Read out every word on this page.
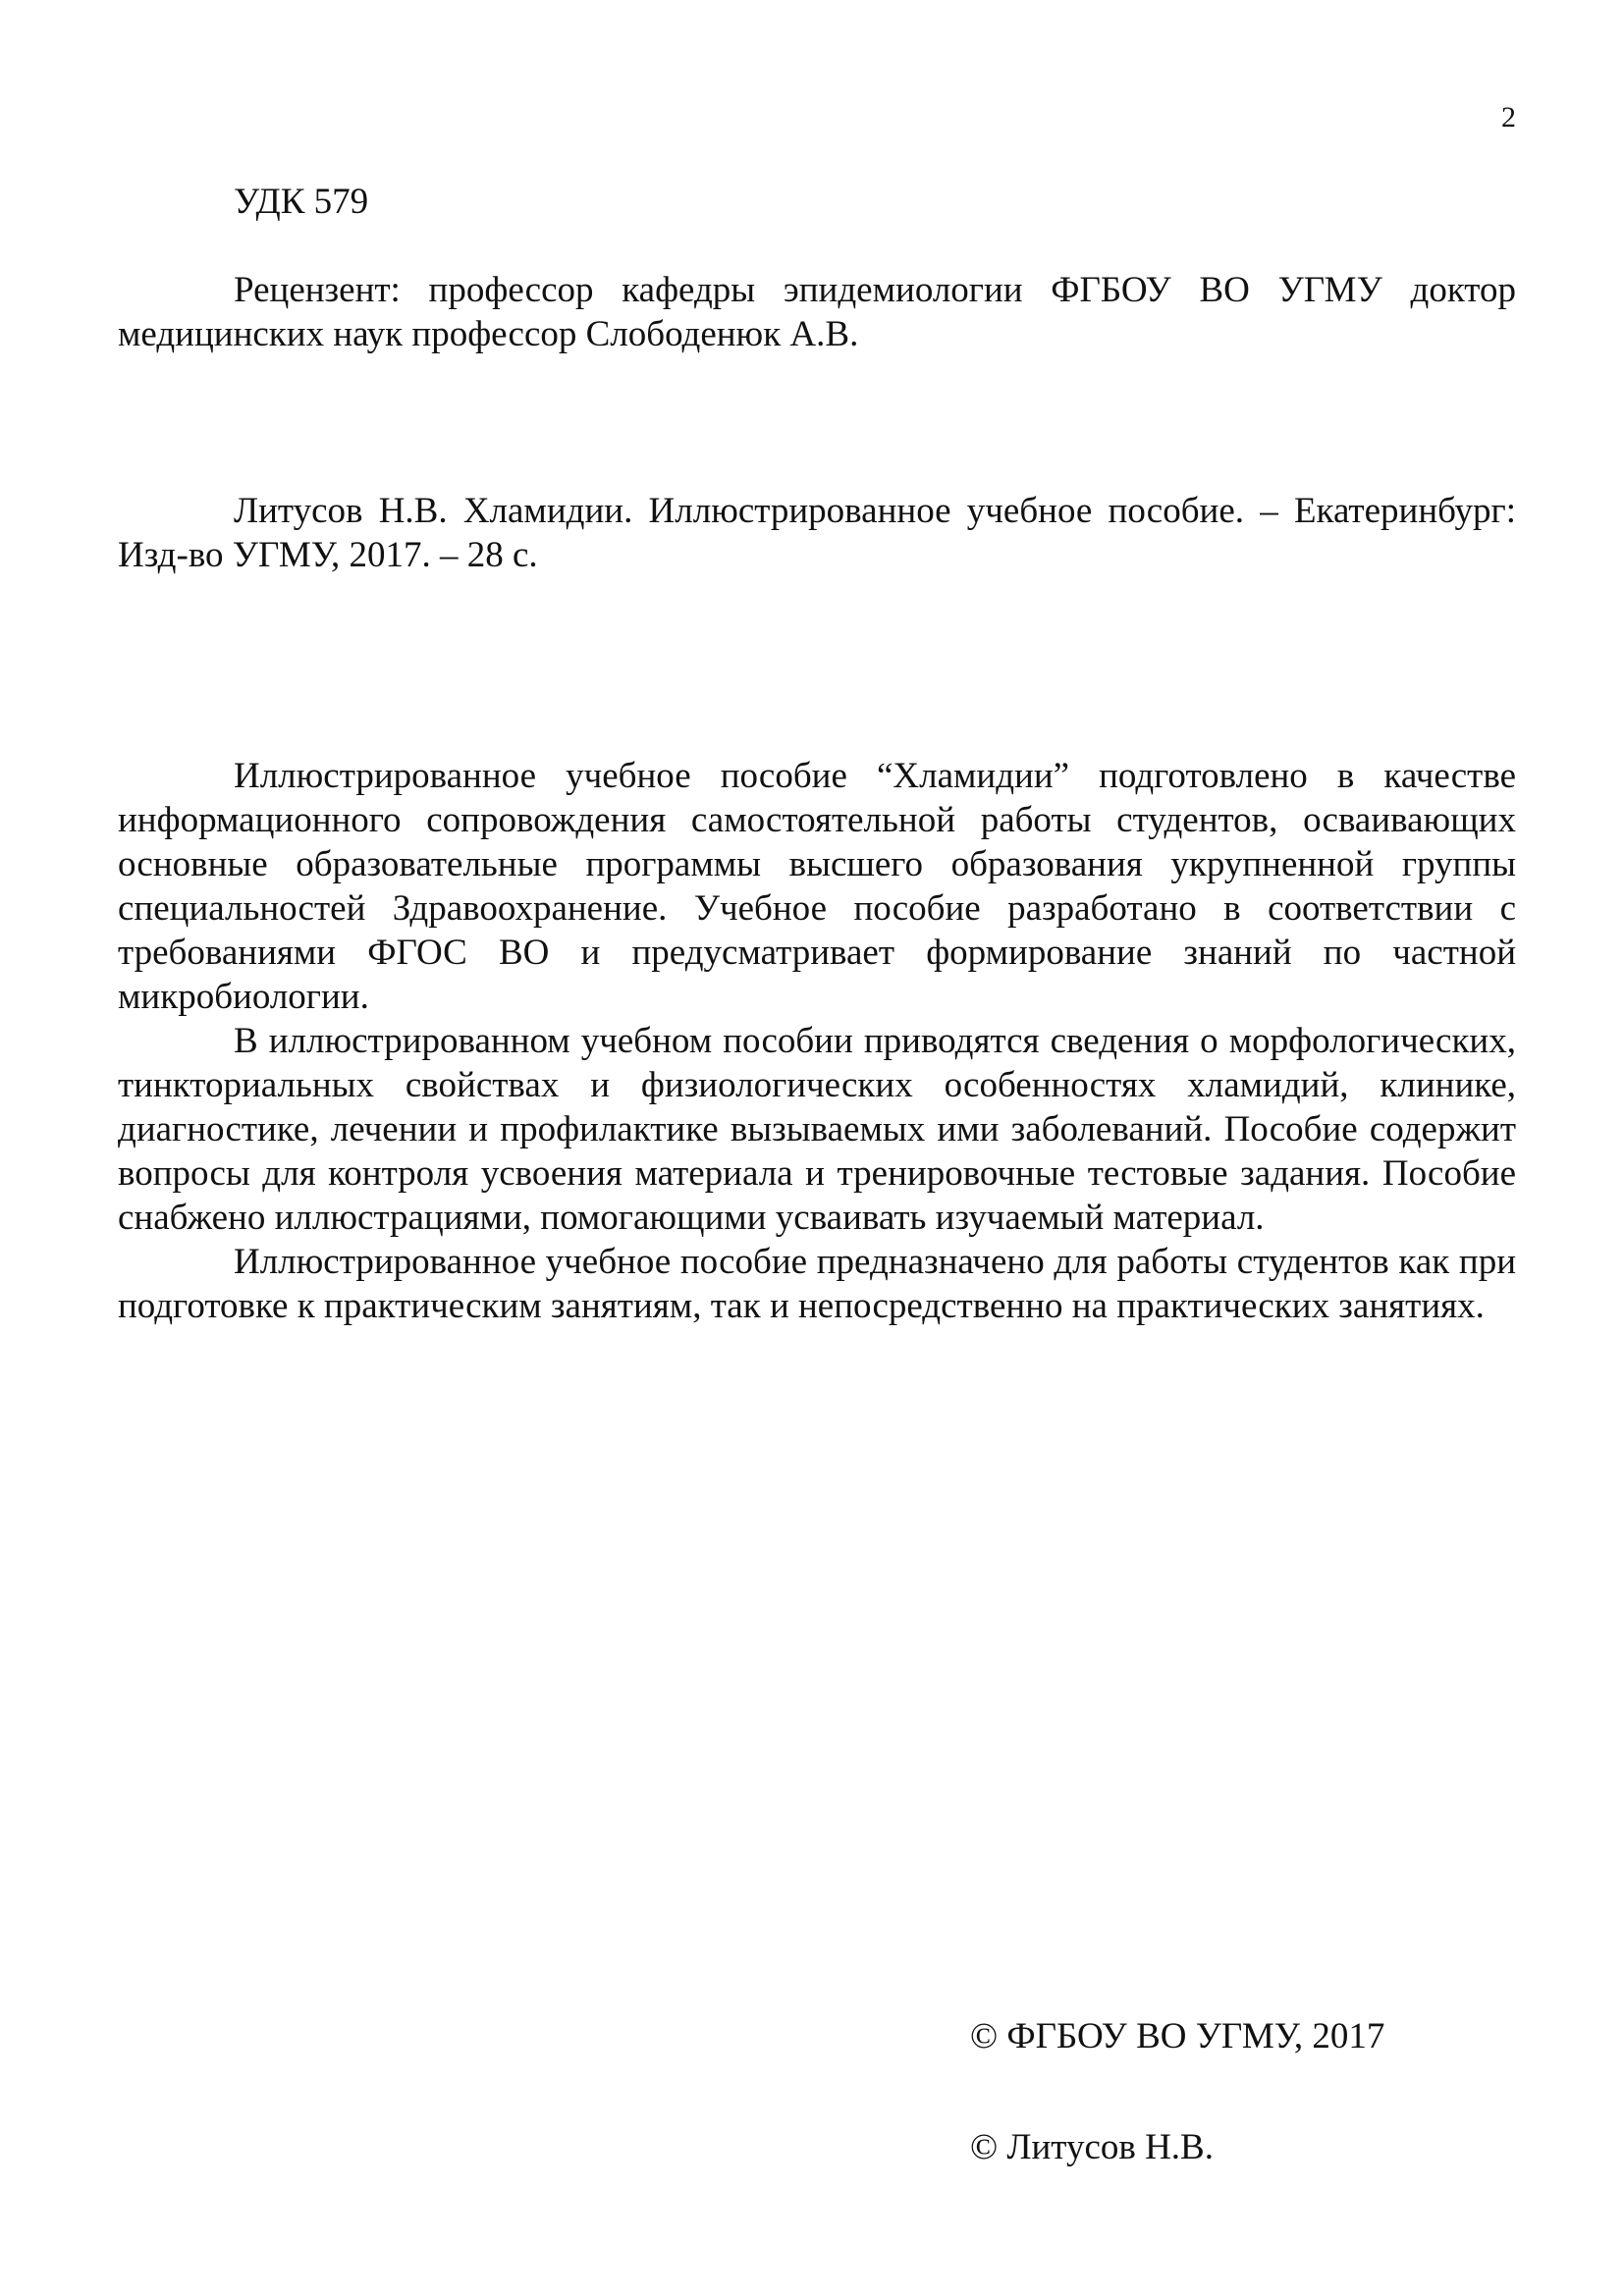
2
УДК 579

Рецензент: профессор кафедры эпидемиологии ФГБОУ ВО УГМУ доктор медицинских наук профессор Слободенюк А.В.

Литусов Н.В. Хламидии. Иллюстрированное учебное пособие. – Екатеринбург: Изд-во УГМУ, 2017. – 28 с.

Иллюстрированное учебное пособие “Хламидии” подготовлено в качестве информационного сопровождения самостоятельной работы студентов, осваивающих основные образовательные программы высшего образования укрупненной группы специальностей Здравоохранение. Учебное пособие разработано в соответствии с требованиями ФГОС ВО и предусматривает формирование знаний по частной микробиологии.

В иллюстрированном учебном пособии приводятся сведения о морфологических, тинкториальных свойствах и физиологических особенностях хламидий, клинике, диагностике, лечении и профилактике вызываемых ими заболеваний. Пособие содержит вопросы для контроля усвоения материала и тренировочные тестовые задания. Пособие снабжено иллюстрациями, помогающими усваивать изучаемый материал.

Иллюстрированное учебное пособие предназначено для работы студентов как при подготовке к практическим занятиям, так и непосредственно на практических занятиях.

© ФГБОУ ВО УГМУ, 2017
© Литусов Н.В.
